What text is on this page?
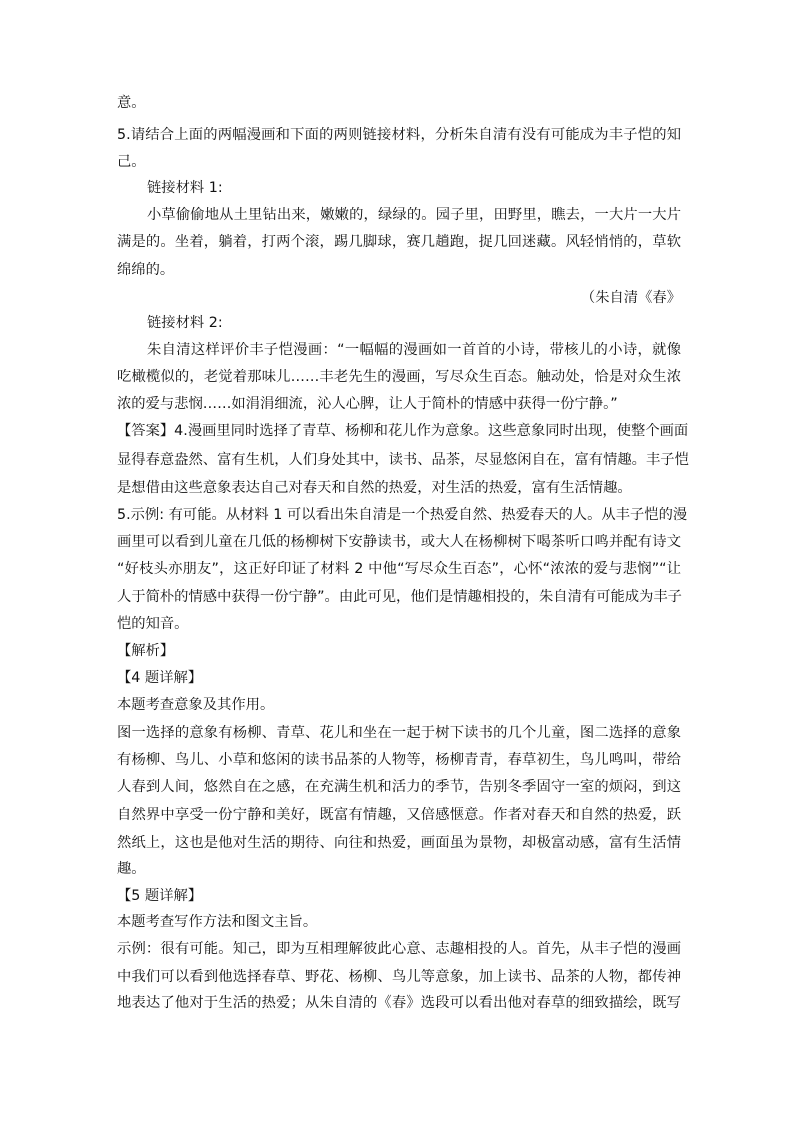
意。
5.请结合上面的两幅漫画和下面的两则链接材料，分析朱自清有没有可能成为丰子恺的知
己。
链接材料 1:
小草偷偷地从土里钻出来，嫩嫩的，绿绿的。园子里，田野里，瞧去，一大片一大片
满是的。坐着，躺着，打两个滚，踢几脚球，赛几趟跑，捉几回迷藏。风轻悄悄的，草软
绵绵的。
（朱自清《春》
链接材料 2:
朱自清这样评价丰子恺漫画：“一幅幅的漫画如一首首的小诗，带核儿的小诗，就像
吃橄榄似的，老觉着那味儿……丰老先生的漫画，写尽众生百态。触动处，恰是对众生浓
浓的爱与悲悯……如涓涓细流，沁人心脾，让人于简朴的情感中获得一份宁静。”
【答案】4.漫画里同时选择了青草、杨柳和花儿作为意象。这些意象同时出现，使整个画面
显得春意盎然、富有生机，人们身处其中，读书、品茶，尽显悠闲自在，富有情趣。丰子恺
是想借由这些意象表达自己对春天和自然的热爱，对生活的热爱，富有生活情趣。
5.示例: 有可能。从材料 1 可以看出朱自清是一个热爱自然、热爱春天的人。从丰子恺的漫
画里可以看到儿童在几低的杨柳树下安静读书，或大人在杨柳树下喝茶听口鸣并配有诗文
“好枝头亦朋友”，这正好印证了材料 2 中他“写尽众生百态”，心怀“浓浓的爱与悲悯”“让
人于简朴的情感中获得一份宁静”。由此可见，他们是情趣相投的，朱自清有可能成为丰子
恺的知音。
【解析】
【4 题详解】
本题考查意象及其作用。
图一选择的意象有杨柳、青草、花儿和坐在一起于树下读书的几个儿童，图二选择的意象
有杨柳、鸟儿、小草和悠闲的读书品茶的人物等，杨柳青青，春草初生，鸟儿鸣叫，带给
人春到人间，悠然自在之感，在充满生机和活力的季节，告别冬季固守一室的烦闷，到这
自然界中享受一份宁静和美好，既富有情趣，又倍感惬意。作者对春天和自然的热爱，跃
然纸上，这也是他对生活的期待、向往和热爱，画面虽为景物，却极富动感，富有生活情
趣。
【5 题详解】
本题考查写作方法和图文主旨。
示例：很有可能。知己，即为互相理解彼此心意、志趣相投的人。首先，从丰子恺的漫画
中我们可以看到他选择春草、野花、杨柳、鸟儿等意象，加上读书、品茶的人物，都传神
地表达了他对于生活的热爱；从朱自清的《春》选段可以看出他对春草的细致描绘，既写
